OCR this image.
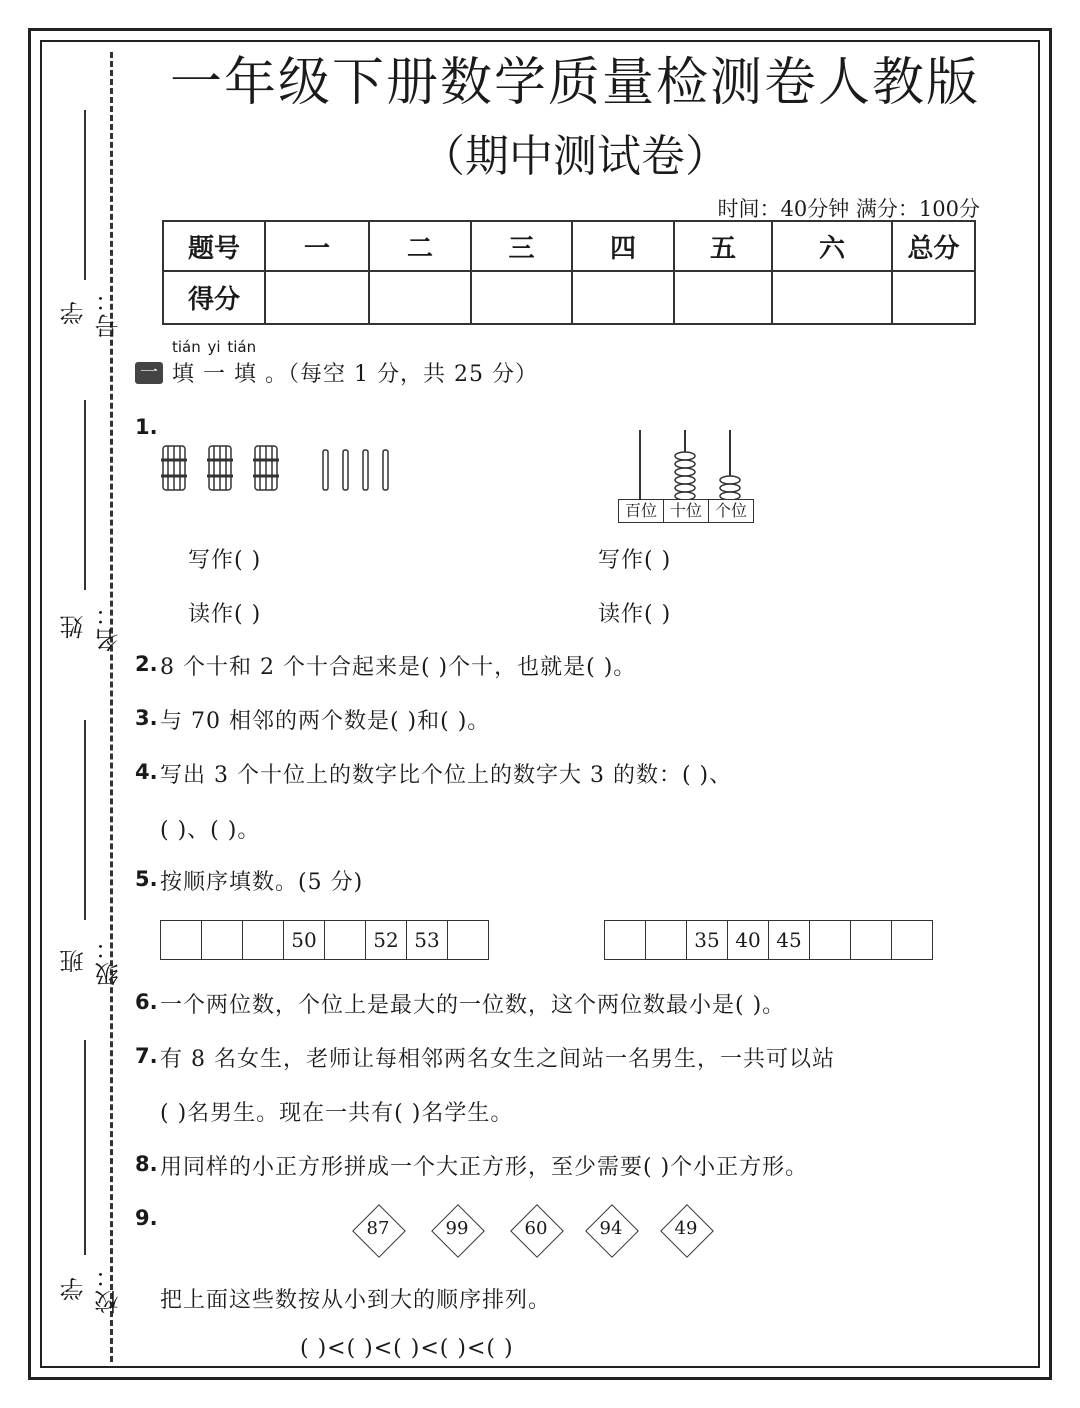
学号：
姓名：
班级：
学校：
一年级下册数学质量检测卷人教版
（期中测试卷）
时间：40分钟 满分：100分
题号	一	二	三	四	五	六	总分
得分							
一
tián yi tián
填 一 填 。（每空 1 分，共 25 分）
1.
百位 十位 个位
写作( )
读作( )
写作( )
读作( )
2. 8 个十和 2 个十合起来是( )个十，也就是( )。
3. 与 70 相邻的两个数是( )和( )。
4. 写出 3 个十位上的数字比个位上的数字大 3 的数：( )、
( )、( )。
5. 按顺序填数。(5 分)
50	52 53	35 40 45
6. 一个两位数，个位上是最大的一位数，这个两位数最小是( )。
7. 有 8 名女生，老师让每相邻两名女生之间站一名男生，一共可以站
( )名男生。现在一共有( )名学生。
8. 用同样的小正方形拼成一个大正方形，至少需要( )个小正方形。
9.	87	99	60	94	49
把上面这些数按从小到大的顺序排列。
( )<( )<( )<( )<( )
